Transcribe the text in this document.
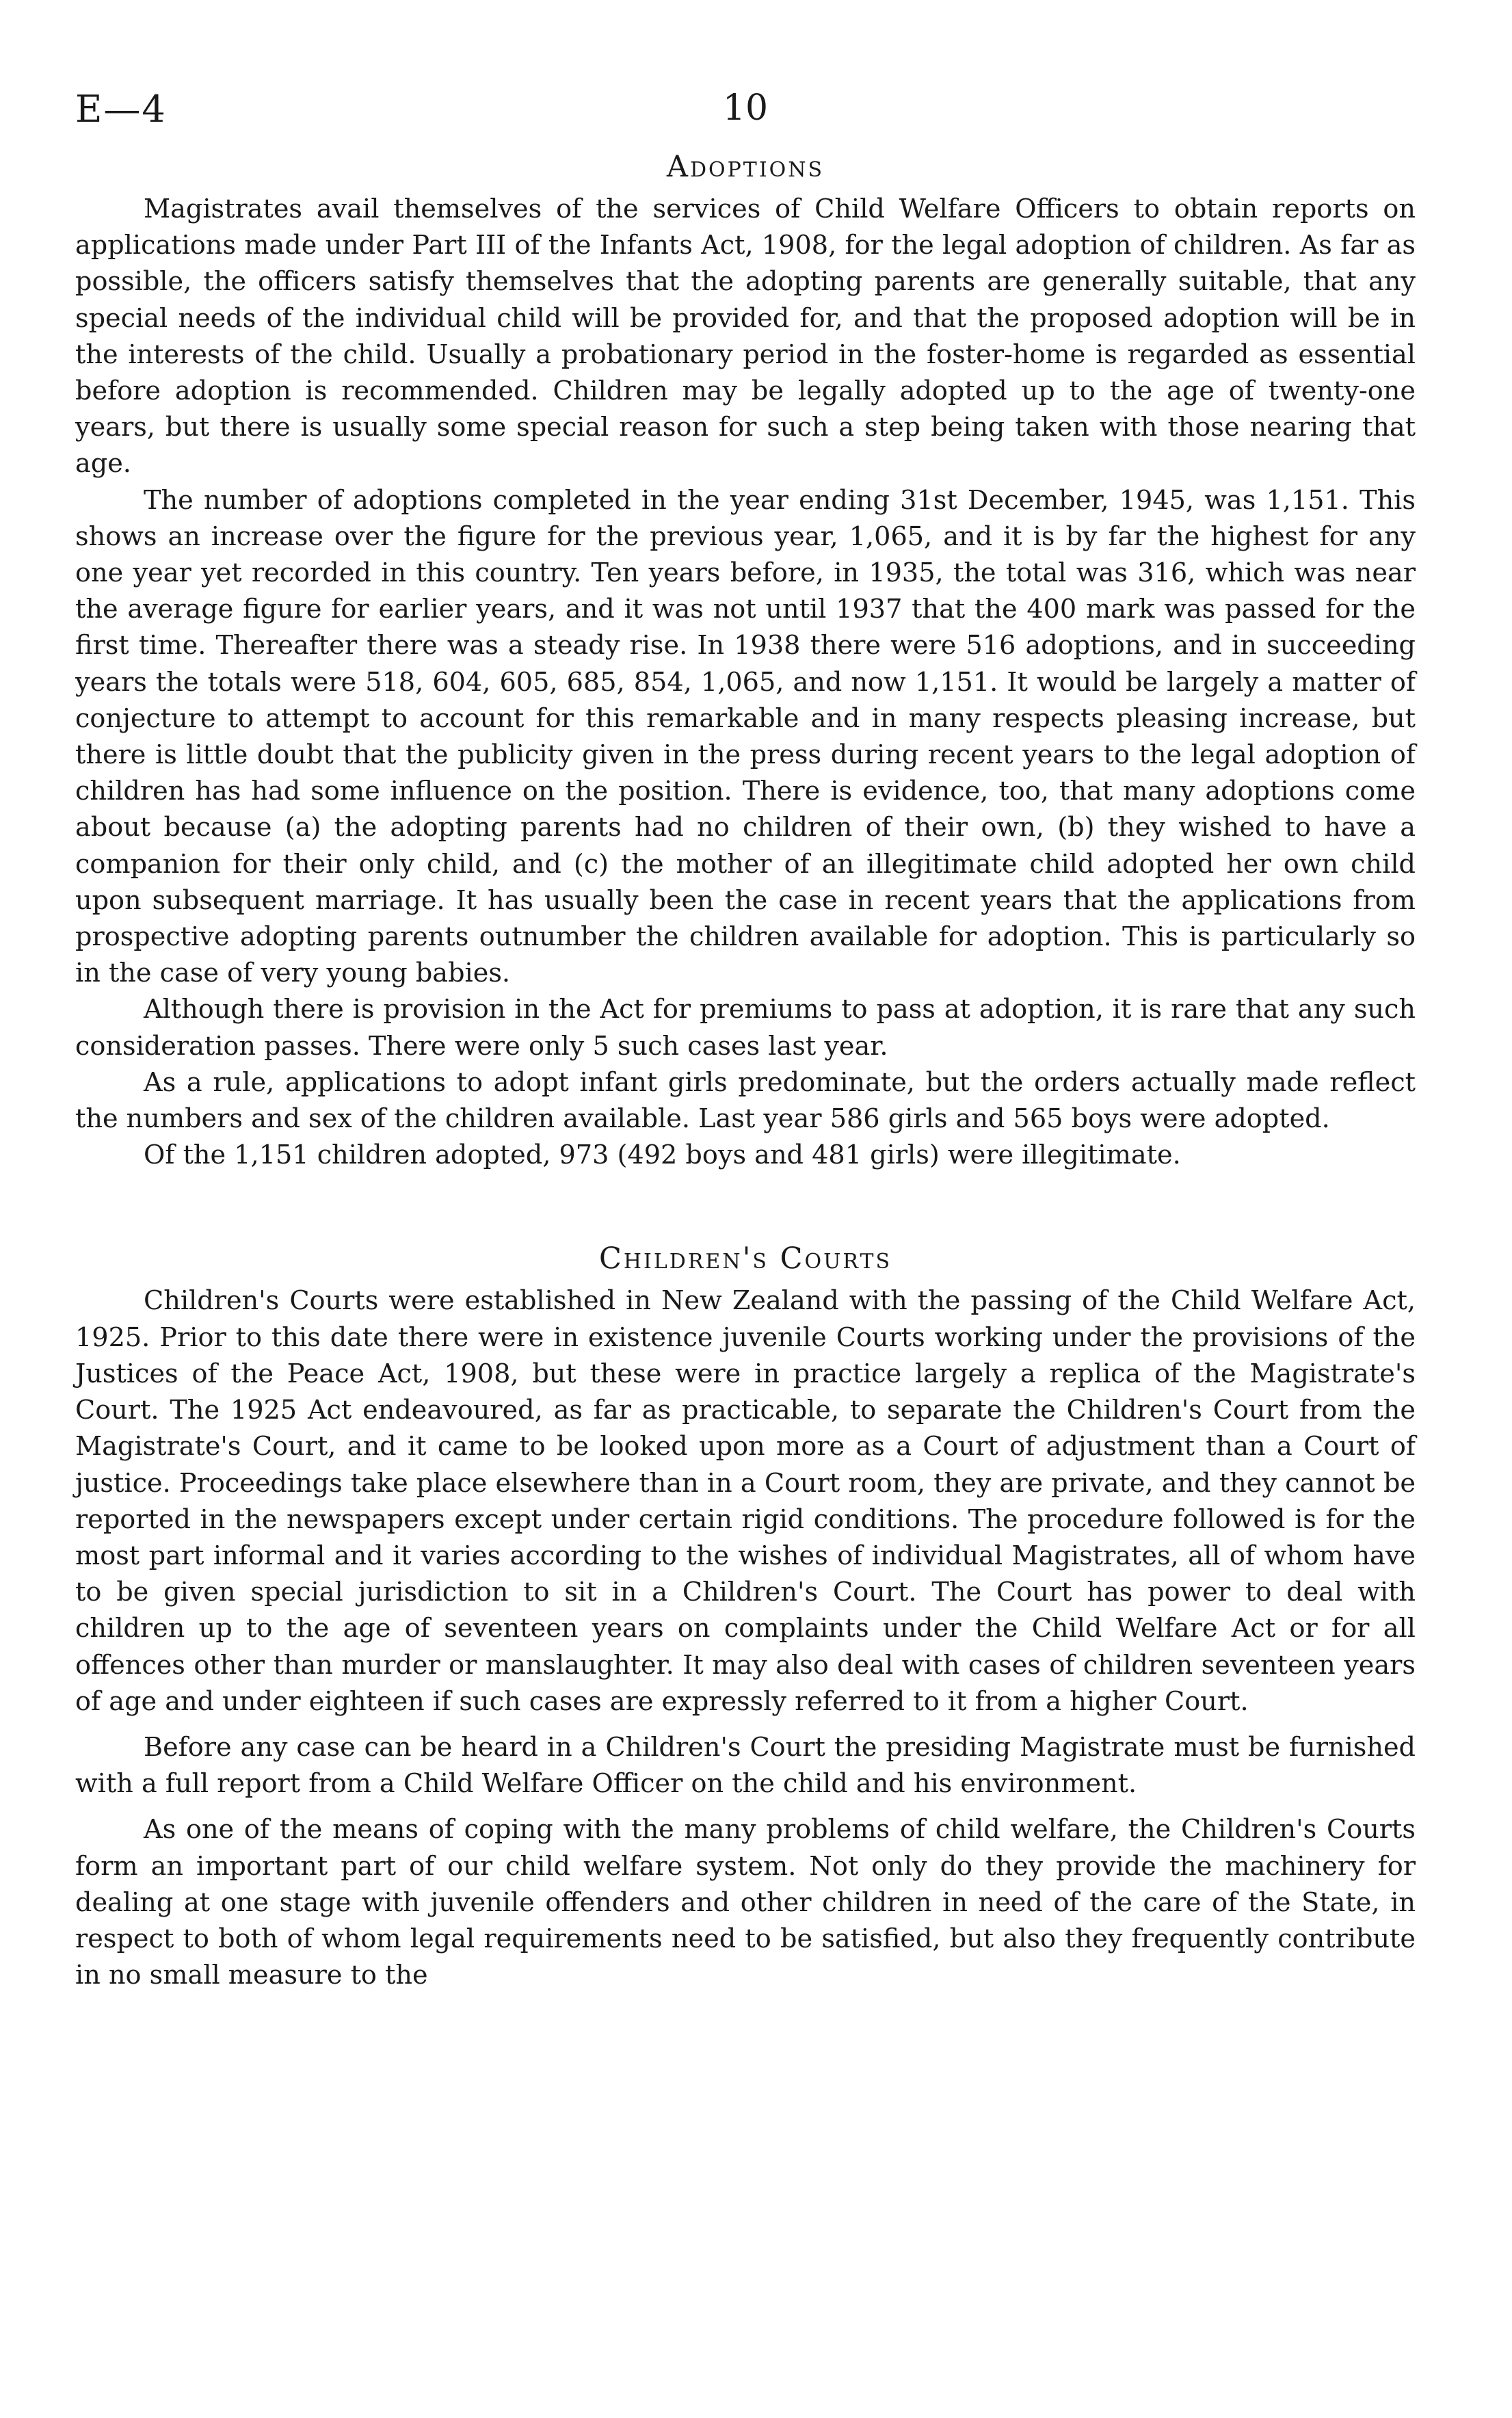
E—4	10
Adoptions

Magistrates avail themselves of the services of Child Welfare Officers to obtain reports on applications made under Part III of the Infants Act, 1908, for the legal adoption of children. As far as possible, the officers satisfy themselves that the adopting parents are generally suitable, that any special needs of the individual child will be provided for, and that the proposed adoption will be in the interests of the child. Usually a probationary period in the foster-home is regarded as essential before adoption is recommended. Children may be legally adopted up to the age of twenty-one years, but there is usually some special reason for such a step being taken with those nearing that age.

The number of adoptions completed in the year ending 31st December, 1945, was 1,151. This shows an increase over the figure for the previous year, 1,065, and it is by far the highest for any one year yet recorded in this country. Ten years before, in 1935, the total was 316, which was near the average figure for earlier years, and it was not until 1937 that the 400 mark was passed for the first time. Thereafter there was a steady rise. In 1938 there were 516 adoptions, and in succeeding years the totals were 518, 604, 605, 685, 854, 1,065, and now 1,151. It would be largely a matter of conjecture to attempt to account for this remarkable and in many respects pleasing increase, but there is little doubt that the publicity given in the press during recent years to the legal adoption of children has had some influence on the position. There is evidence, too, that many adoptions come about because (a) the adopting parents had no children of their own, (b) they wished to have a companion for their only child, and (c) the mother of an illegitimate child adopted her own child upon subsequent marriage. It has usually been the case in recent years that the applications from prospective adopting parents outnumber the children available for adoption. This is particularly so in the case of very young babies.

Although there is provision in the Act for premiums to pass at adoption, it is rare that any such consideration passes. There were only 5 such cases last year.

As a rule, applications to adopt infant girls predominate, but the orders actually made reflect the numbers and sex of the children available. Last year 586 girls and 565 boys were adopted.

Of the 1,151 children adopted, 973 (492 boys and 481 girls) were illegitimate.

Children's Courts

Children's Courts were established in New Zealand with the passing of the Child Welfare Act, 1925. Prior to this date there were in existence juvenile Courts working under the provisions of the Justices of the Peace Act, 1908, but these were in practice largely a replica of the Magistrate's Court. The 1925 Act endeavoured, as far as practicable, to separate the Children's Court from the Magistrate's Court, and it came to be looked upon more as a Court of adjustment than a Court of justice. Proceedings take place elsewhere than in a Court room, they are private, and they cannot be reported in the newspapers except under certain rigid conditions. The procedure followed is for the most part informal and it varies according to the wishes of individual Magistrates, all of whom have to be given special jurisdiction to sit in a Children's Court. The Court has power to deal with children up to the age of seventeen years on complaints under the Child Welfare Act or for all offences other than murder or manslaughter. It may also deal with cases of children seventeen years of age and under eighteen if such cases are expressly referred to it from a higher Court.

Before any case can be heard in a Children's Court the presiding Magistrate must be furnished with a full report from a Child Welfare Officer on the child and his environment.

As one of the means of coping with the many problems of child welfare, the Children's Courts form an important part of our child welfare system. Not only do they provide the machinery for dealing at one stage with juvenile offenders and other children in need of the care of the State, in respect to both of whom legal requirements need to be satisfied, but also they frequently contribute in no small measure to the
